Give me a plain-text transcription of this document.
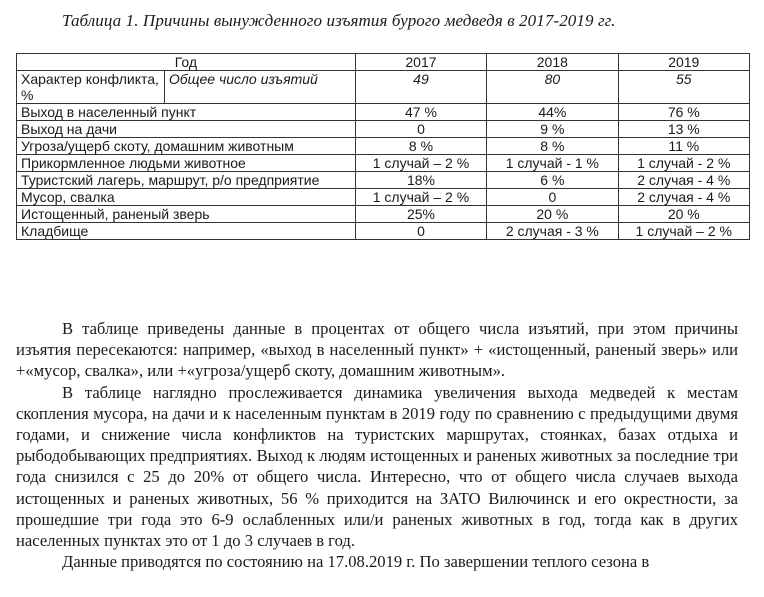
Таблица 1. Причины вынужденного изъятия бурого медведя в 2017-2019 гг.
Год		2017	2018	2019
Характер конфликта, %	Общее число изъятий	49	80	55
Выход в населенный пункт		47 %	44%	76 %
Выход на дачи		0	9 %	13 %
Угроза/ущерб скоту, домашним животным		8 %	8 %	11 %
Прикормленное людьми животное		1 случай – 2 %	1 случай - 1 %	1 случай - 2 %
Туристский лагерь, маршрут, р/о предприятие		18%	6 %	2 случая - 4 %
Мусор, свалка		1 случай – 2 %	0	2 случая - 4 %
Истощенный, раненый зверь		25%	20 %	20 %
Кладбище		0	2 случая - 3 %	1 случай – 2 %

В таблице приведены данные в процентах от общего числа изъятий, при этом причины изъятия пересекаются: например, «выход в населенный пункт» + «истощенный, раненый зверь» или +«мусор, свалка», или +«угроза/ущерб скоту, домашним животным».

В таблице наглядно прослеживается динамика увеличения выхода медведей к местам скопления мусора, на дачи и к населенным пунктам в 2019 году по сравнению с предыдущими двумя годами, и снижение числа конфликтов на туристских маршрутах, стоянках, базах отдыха и рыбодобывающих предприятиях. Выход к людям истощенных и раненых животных за последние три года снизился с 25 до 20% от общего числа. Интересно, что от общего числа случаев выхода истощенных и раненых животных, 56 % приходится на ЗАТО Вилючинск и его окрестности, за прошедшие три года это 6-9 ослабленных или/и раненых животных в год, тогда как в других населенных пунктах это от 1 до 3 случаев в год.

Данные приводятся по состоянию на 17.08.2019 г. По завершении теплого сезона в
